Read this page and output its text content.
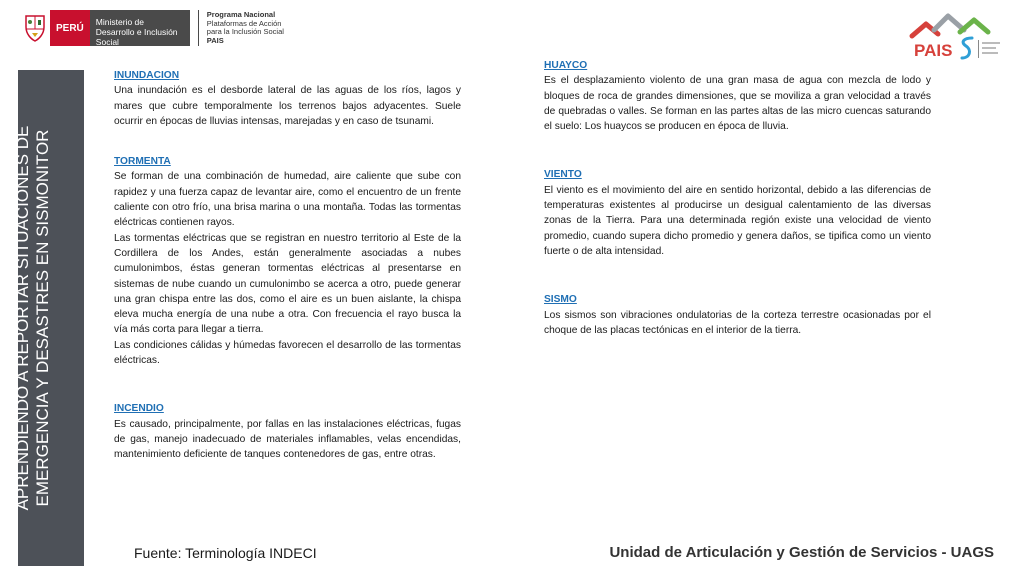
PERÚ
Ministerio de Desarrollo e Inclusión Social
Programa Nacional
Plataformas de Acción
para la Inclusión Social
PAIS
PAIS
APRENDIENDO A REPORTAR SITUACIONES DE EMERGENCIA Y DESASTRES EN SISMONITOR
INUNDACION
Una inundación es el desborde lateral de las aguas de los ríos, lagos y mares que cubre temporalmente los terrenos bajos adyacentes. Suele ocurrir en épocas de lluvias intensas, marejadas y en caso de tsunami.
TORMENTA
Se forman de una combinación de humedad, aire caliente que sube con rapidez y una fuerza capaz de levantar aire, como el encuentro de un frente caliente con otro frío, una brisa marina o una montaña. Todas las tormentas eléctricas contienen rayos.
Las tormentas eléctricas que se registran en nuestro territorio al Este de la Cordillera de los Andes, están generalmente asociadas a nubes cumulonimbos, éstas generan tormentas eléctricas al presentarse en sistemas de nube cuando un cumulonimbo se acerca a otro, puede generar una gran chispa entre las dos, como el aire es un buen aislante, la chispa eleva mucha energía de una nube a otra. Con frecuencia el rayo busca la vía más corta para llegar a tierra.
Las condiciones cálidas y húmedas favorecen el desarrollo de las tormentas eléctricas.
INCENDIO
Es causado, principalmente, por fallas en las instalaciones eléctricas, fugas de gas, manejo inadecuado de materiales inflamables, velas encendidas, mantenimiento deficiente de tanques contenedores de gas, entre otras.
HUAYCO
Es el desplazamiento violento de una gran masa de agua con mezcla de lodo y bloques de roca de grandes dimensiones, que se moviliza a gran velocidad a través de quebradas o valles. Se forman en las partes altas de las micro cuencas saturando el suelo: Los huaycos se producen en época de lluvia.
VIENTO
El viento es el movimiento del aire en sentido horizontal, debido a las diferencias de temperaturas existentes al producirse un desigual calentamiento de las diversas zonas de la Tierra. Para una determinada región existe una velocidad de viento promedio, cuando supera dicho promedio y genera daños, se tipifica como un viento fuerte o de alta intensidad.
SISMO
Los sismos son vibraciones ondulatorias de la corteza terrestre ocasionadas por el choque de las placas tectónicas en el interior de la tierra.
Fuente: Terminología INDECI	Unidad de Articulación y Gestión de Servicios - UAGS
